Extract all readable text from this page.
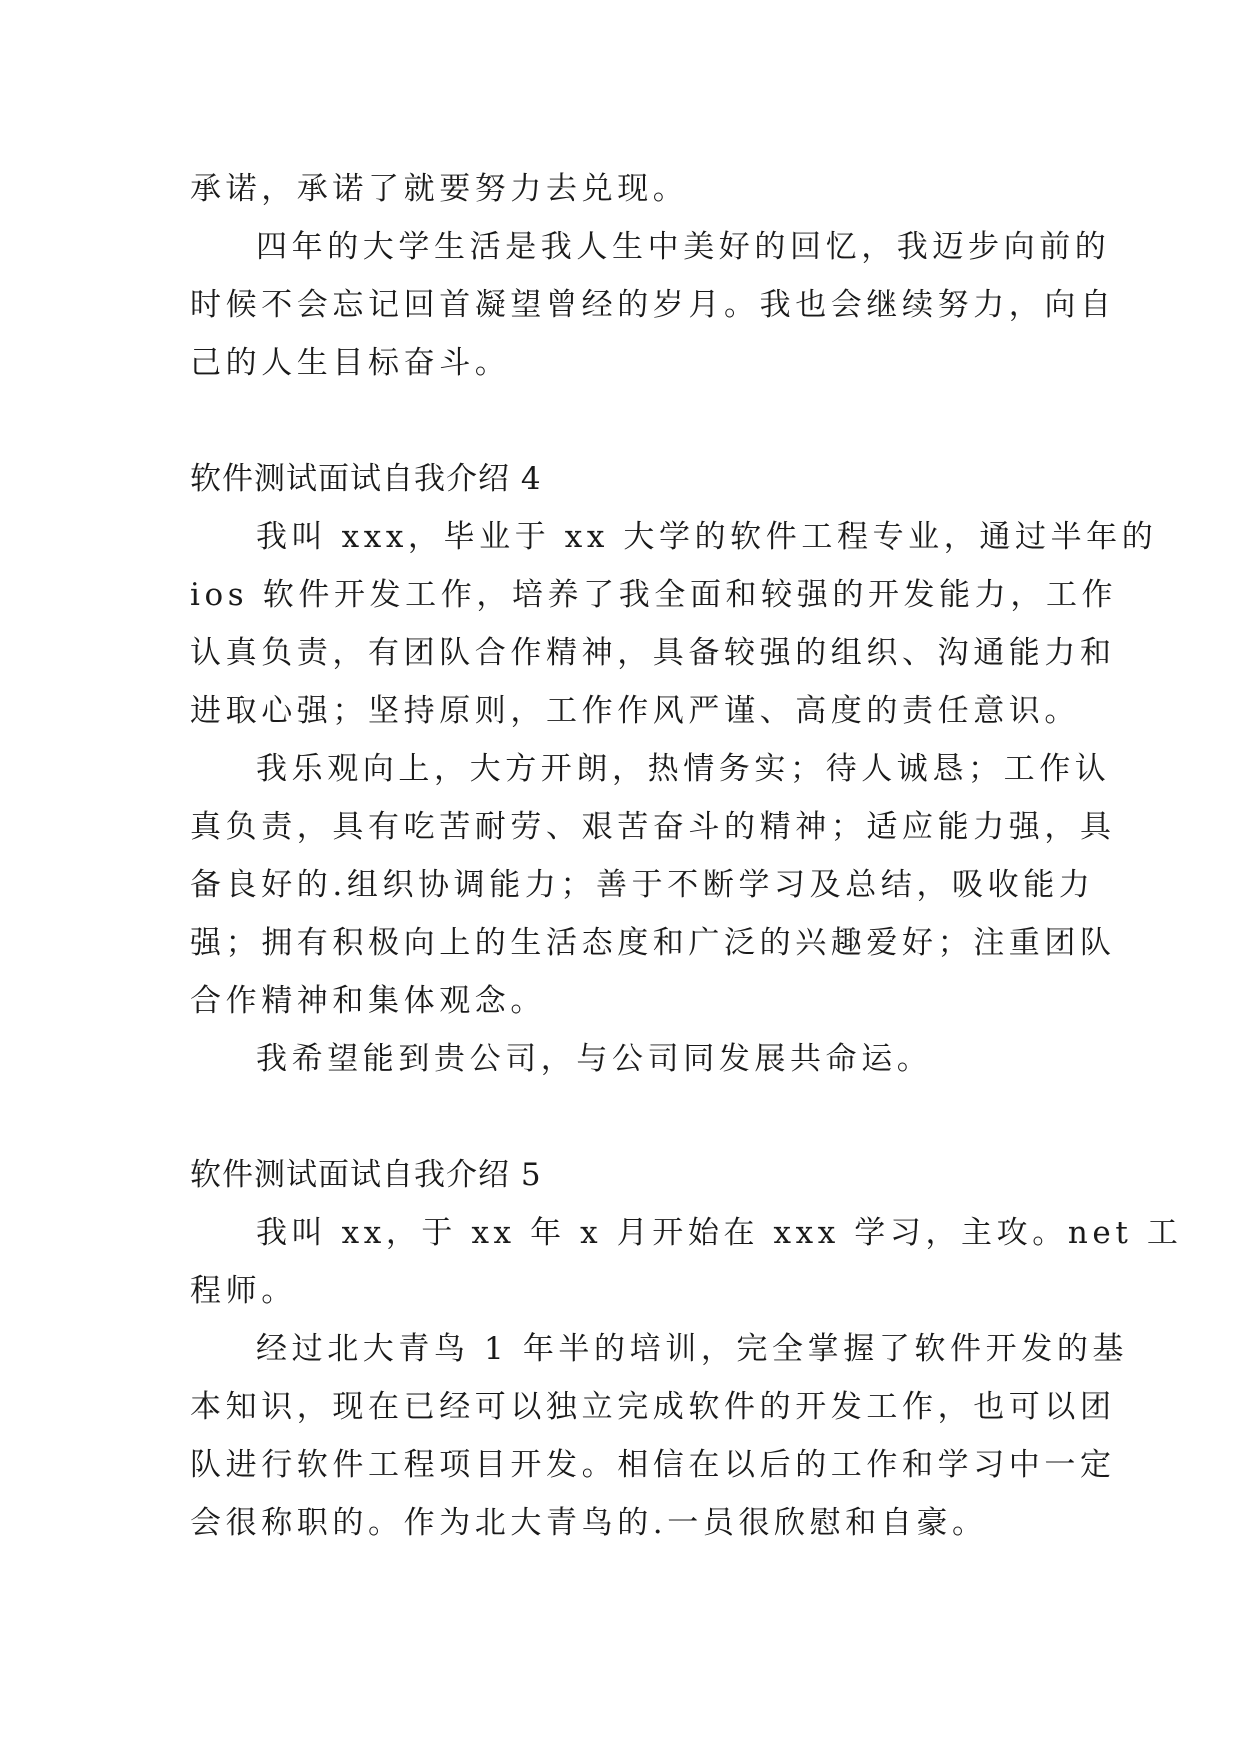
承诺，承诺了就要努力去兑现。
四年的大学生活是我人生中美好的回忆，我迈步向前的
时候不会忘记回首凝望曾经的岁月。我也会继续努力，向自
己的人生目标奋斗。
软件测试面试自我介绍 4
我叫 xxx，毕业于 xx 大学的软件工程专业，通过半年的
ios 软件开发工作，培养了我全面和较强的开发能力，工作
认真负责，有团队合作精神，具备较强的组织、沟通能力和
进取心强；坚持原则，工作作风严谨、高度的责任意识。
我乐观向上，大方开朗，热情务实；待人诚恳；工作认
真负责，具有吃苦耐劳、艰苦奋斗的精神；适应能力强，具
备良好的.组织协调能力；善于不断学习及总结，吸收能力
强；拥有积极向上的生活态度和广泛的兴趣爱好；注重团队
合作精神和集体观念。
我希望能到贵公司，与公司同发展共命运。
软件测试面试自我介绍 5
我叫 xx，于 xx 年 x 月开始在 xxx 学习，主攻。net 工
程师。
经过北大青鸟 1 年半的培训，完全掌握了软件开发的基
本知识，现在已经可以独立完成软件的开发工作，也可以团
队进行软件工程项目开发。相信在以后的工作和学习中一定
会很称职的。作为北大青鸟的.一员很欣慰和自豪。
